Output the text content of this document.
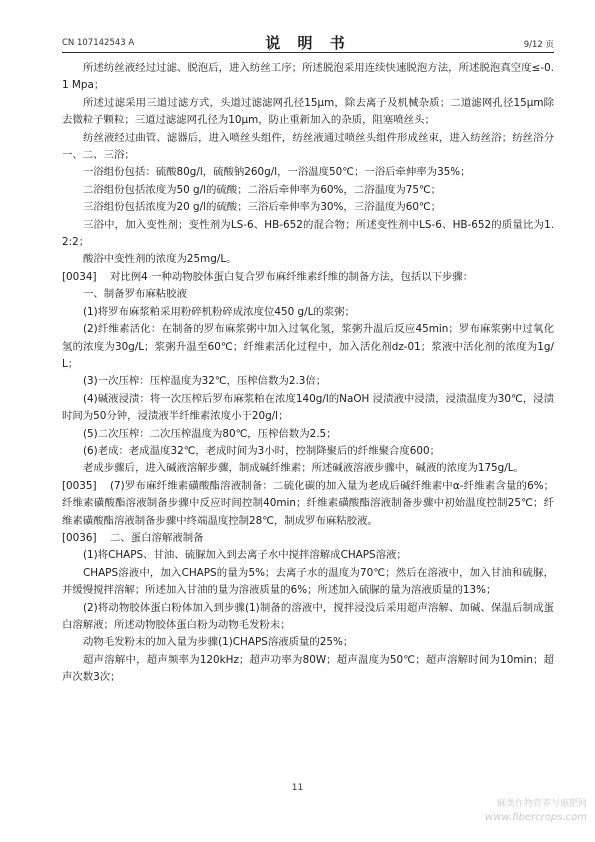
CN 107142543 A	说 明 书	9/12 页

所述纺丝液经过过滤、脱泡后，进入纺丝工序；所述脱泡采用连续快速脱泡方法，所述脱泡真空度≤-0.1 Mpa；

所述过滤采用三道过滤方式，头道过滤滤网孔径15μm，除去离子及机械杂质；二道滤网孔径15μm除去微粒子颗粒；三道过滤滤网孔径为10μm，防止重新加入的杂质，阻塞喷丝头；

纺丝液经过曲管、滤器后，进入喷丝头组件，纺丝液通过喷丝头组件形成丝束，进入纺丝浴；纺丝浴分一、二、三浴；

一浴组份包括：硫酸80g/l，硫酸钠260g/l，一浴温度50℃；一浴后牵伸率为35%；

二浴组份包括浓度为50 g/l的硫酸；二浴后牵伸率为60%，二浴温度为75℃；

三浴组份包括浓度为20 g/l的硫酸；三浴后牵伸率为30%，三浴温度为60℃；

三浴中，加入变性剂；变性剂为LS-6、HB-652的混合物；所述变性剂中LS-6、HB-652的质量比为1.2:2；

酸浴中变性剂的浓度为25mg/L。

[0034] 对比例4 一种动物胶体蛋白复合罗布麻纤维素纤维的制备方法，包括以下步骤：

一、制备罗布麻粘胶液

(1)将罗布麻浆粕采用粉碎机粉碎成浓度位450 g/L的浆粥；

(2)纤维素活化：在制备的罗布麻浆粥中加入过氧化氢，浆粥升温后反应45min；罗布麻浆粥中过氧化氢的浓度为30g/L；浆粥升温至60℃；纤维素活化过程中，加入活化剂dz-01；浆液中活化剂的浓度为1g/L；

(3)一次压榨：压榨温度为32℃，压榨倍数为2.3倍；

(4)碱液浸渍：将一次压榨后罗布麻浆粕在浓度140g/l的NaOH 浸渍液中浸渍，浸渍温度为30℃，浸渍时间为50分钟，浸渍液半纤维素浓度小于20g/l；

(5)二次压榨：二次压榨温度为80℃，压榨倍数为2.5；

(6)老成：老成温度32℃，老成时间为3小时，控制降聚后的纤维聚合度600；

老成步骤后，进入碱液溶解步骤，制成碱纤维素；所述碱液溶液步骤中，碱液的浓度为175g/L。

[0035] (7)罗布麻纤维素磺酸酯溶液制备：二硫化碳的加入量为老成后碱纤维素中α-纤维素含量的6%；纤维素磺酸酯溶液制备步骤中反应时间控制40min；纤维素磺酸酯溶液制备步骤中初始温度控制25℃；纤维素磺酸酯溶液制备步骤中终端温度控制28℃，制成罗布麻粘胶液。

[0036] 二、蛋白溶解液制备

(1)将CHAPS、甘油、硫脲加入到去离子水中搅拌溶解成CHAPS溶液；

CHAPS溶液中，加入CHAPS的量为5%；去离子水的温度为70℃；然后在溶液中，加入甘油和硫脲，并缓慢搅拌溶解；所述加入甘油的量为溶液质量的6%；所述加入硫脲的量为溶液质量的13%；

(2)将动物胶体蛋白粉体加入到步骤(1)制备的溶液中，搅拌浸没后采用超声溶解、加碱、保温后制成蛋白溶解液；所述动物胶体蛋白粉为动物毛发粉末；

动物毛发粉末的加入量为步骤(1)CHAPS溶液质量的25%；

超声溶解中，超声频率为120kHz；超声功率为80W；超声温度为50℃；超声溶解时间为10min；超声次数3次；

11
麻类作物营养与施肥网
www.fibercrops.com
